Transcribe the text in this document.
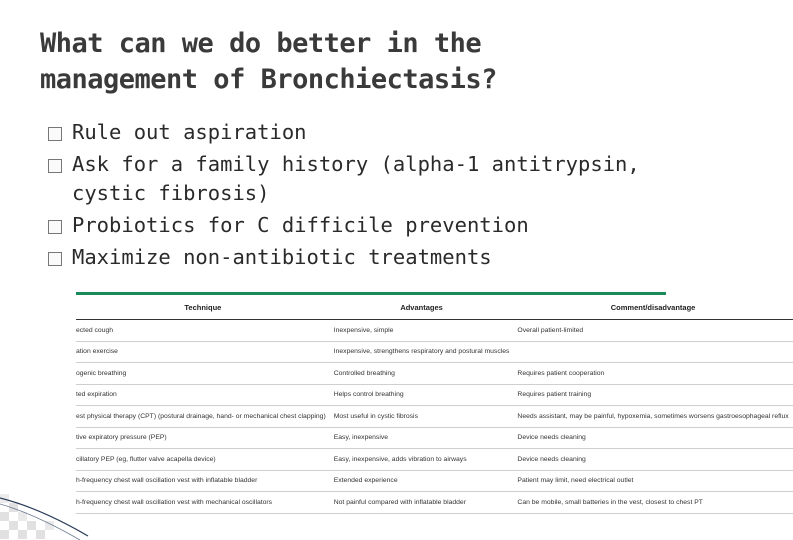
What can we do better in the
management of Bronchiectasis?
Rule out aspiration
Ask for a family history (alpha-1 antitrypsin, cystic fibrosis)
Probiotics for C difficile prevention
Maximize non-antibiotic treatments
Technique	Advantages	Comment/disadvantage
ected cough	Inexpensive, simple	Overall patient-limited
ation exercise	Inexpensive, strengthens respiratory and postural muscles	
ogenic breathing	Controlled breathing	Requires patient cooperation
ted expiration	Helps control breathing	Requires patient training
est physical therapy (CPT) (postural drainage, hand- or mechanical chest clapping)	Most useful in cystic fibrosis	Needs assistant, may be painful, hypoxemia, sometimes worsens gastroesophageal reflux
tive expiratory pressure (PEP)	Easy, inexpensive	Device needs cleaning
cillatory PEP (eg, flutter valve acapella device)	Easy, inexpensive, adds vibration to airways	Device needs cleaning
h-frequency chest wall oscillation vest with inflatable bladder	Extended experience	Patient may limit, need electrical outlet
h-frequency chest wall oscillation vest with mechanical oscillators	Not painful compared with inflatable bladder	Can be mobile, small batteries in the vest, closest to chest PT
